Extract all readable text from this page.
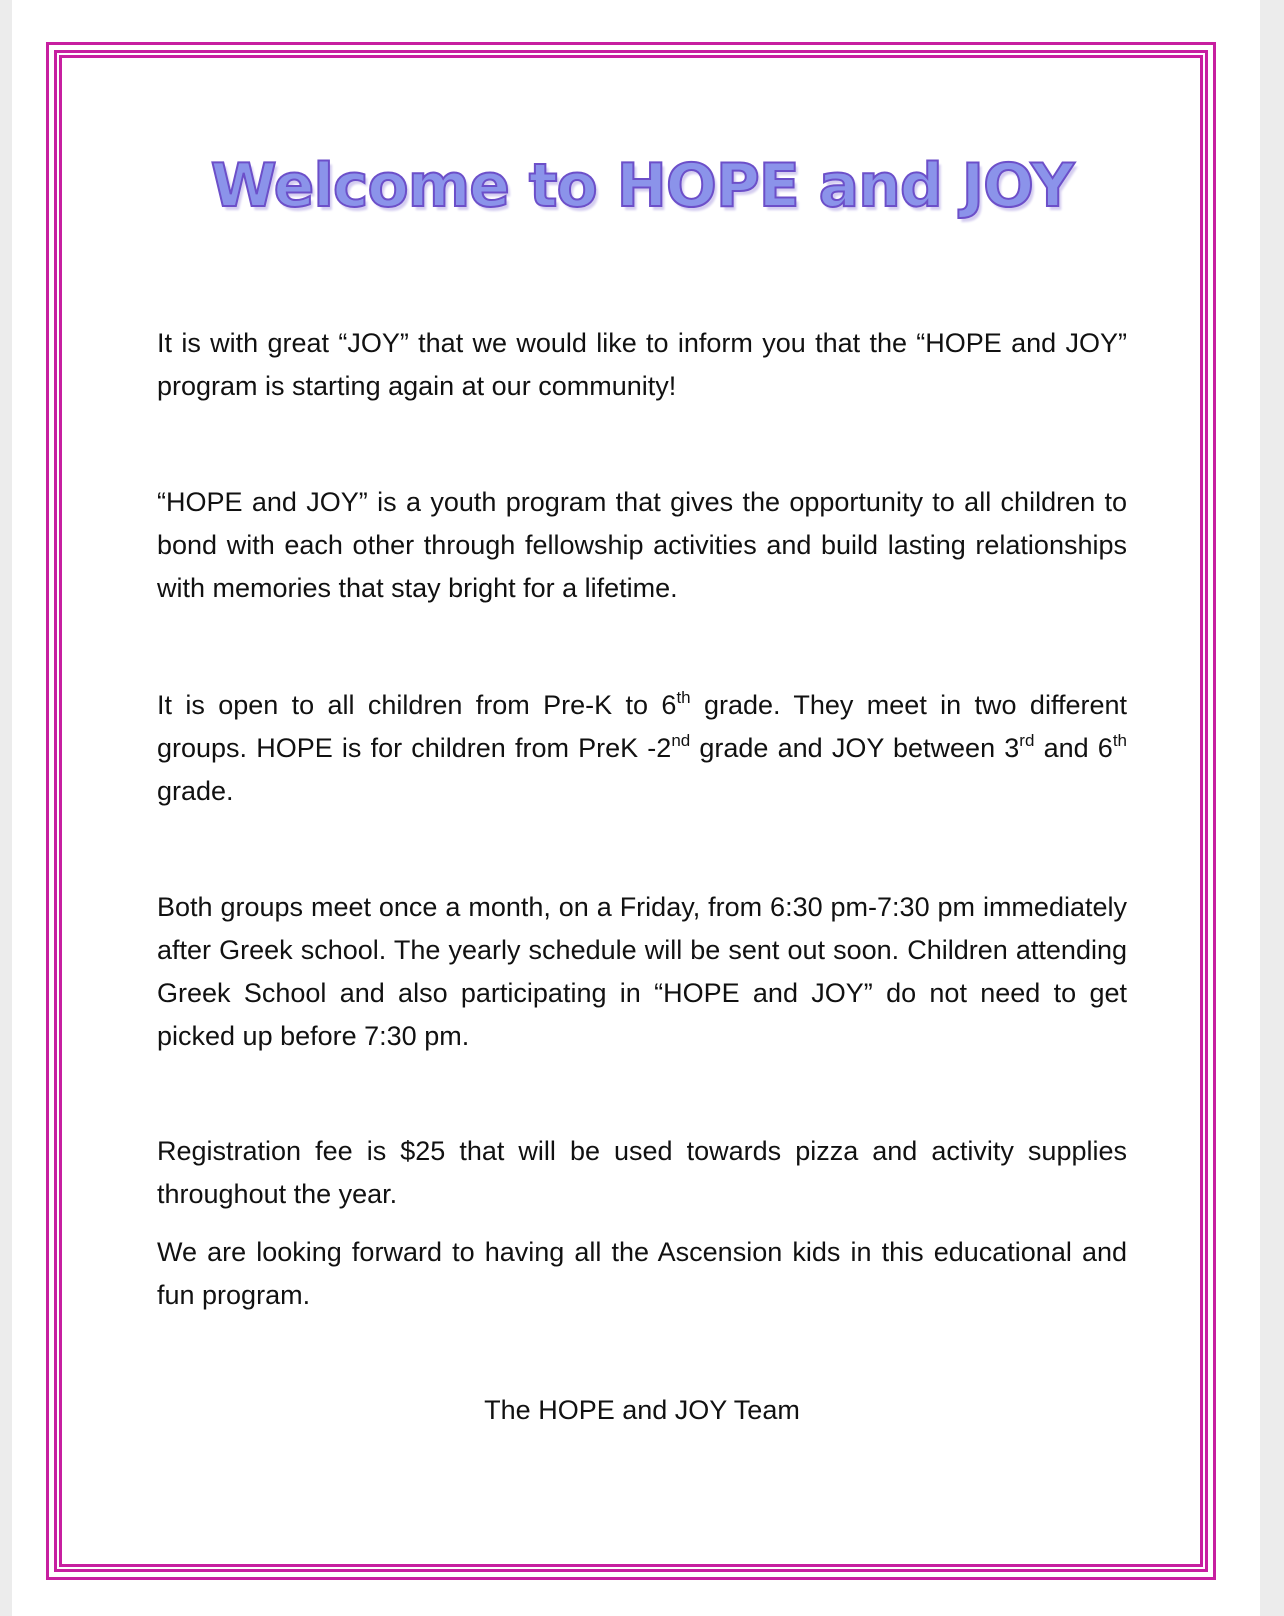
Welcome to HOPE and JOY

It is with great “JOY” that we would like to inform you that the “HOPE and JOY” program is starting again at our community!

“HOPE and JOY” is a youth program that gives the opportunity to all children to bond with each other through fellowship activities and build lasting relationships with memories that stay bright for a lifetime.

It is open to all children from Pre-K to 6th grade. They meet in two different groups. HOPE is for children from PreK -2nd grade and JOY between 3rd and 6th grade.

Both groups meet once a month, on a Friday, from 6:30 pm-7:30 pm immediately after Greek school. The yearly schedule will be sent out soon. Children attending Greek School and also participating in “HOPE and JOY” do not need to get picked up before 7:30 pm.

Registration fee is $25 that will be used towards pizza and activity supplies throughout the year.

We are looking forward to having all the Ascension kids in this educational and fun program.

The HOPE and JOY Team
